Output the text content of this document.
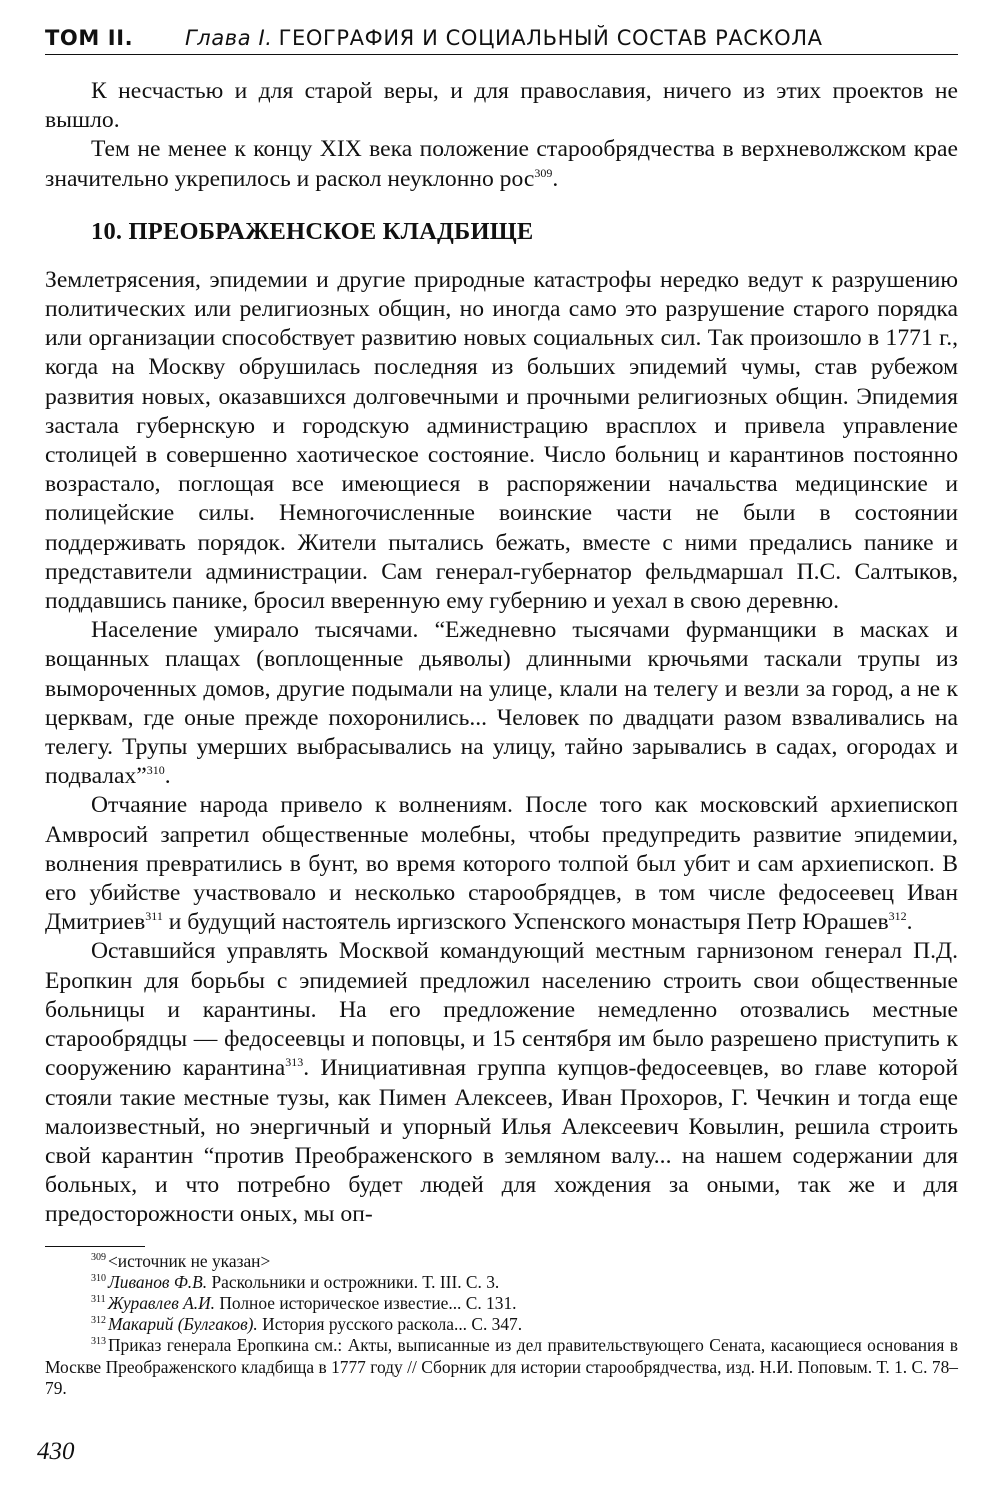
ТОМ II.	Глава I. ГЕОГРАФИЯ И СОЦИАЛЬНЫЙ СОСТАВ РАСКОЛА

К несчастью и для старой веры, и для православия, ничего из этих проектов не вышло.

Тем не менее к концу XIX века положение старообрядчества в верхневолжском крае значительно укрепилось и раскол неуклонно рос$^{309}$.

10. ПРЕОБРАЖЕНСКОЕ КЛАДБИЩЕ

Землетрясения, эпидемии и другие природные катастрофы нередко ведут к разрушению политических или религиозных общин, но иногда само это разрушение старого порядка или организации способствует развитию новых социальных сил. Так произошло в 1771 г., когда на Москву обрушилась последняя из больших эпидемий чумы, став рубежом развития новых, оказавшихся долговечными и прочными религиозных общин. Эпидемия застала губернскую и городскую администрацию врасплох и привела управление столицей в совершенно хаотическое состояние. Число больниц и карантинов постоянно возрастало, поглощая все имеющиеся в распоряжении начальства медицинские и полицейские силы. Немногочисленные воинские части не были в состоянии поддерживать порядок. Жители пытались бежать, вместе с ними предались панике и представители администрации. Сам генерал-губернатор фельдмаршал П.С. Салтыков, поддавшись панике, бросил вверенную ему губернию и уехал в свою деревню.

Население умирало тысячами. “Ежедневно тысячами фурманщики в масках и вощанных плащах (воплощенные дьяволы) длинными крючьями таскали трупы из вымороченных домов, другие подымали на улице, клали на телегу и везли за город, а не к церквам, где оные прежде похоронились... Человек по двадцати разом взваливались на телегу. Трупы умерших выбрасывались на улицу, тайно зарывались в садах, огородах и подвалах”$^{310}$.

Отчаяние народа привело к волнениям. После того как московский архиепископ Амвросий запретил общественные молебны, чтобы предупредить развитие эпидемии, волнения превратились в бунт, во время которого толпой был убит и сам архиепископ. В его убийстве участвовало и несколько старообрядцев, в том числе федосеевец Иван Дмитриев$^{311}$ и будущий настоятель иргизского Успенского монастыря Петр Юрашев$^{312}$.

Оставшийся управлять Москвой командующий местным гарнизоном генерал П.Д. Еропкин для борьбы с эпидемией предложил населению строить свои общественные больницы и карантины. На его предложение немедленно отозвались местные старообрядцы — федосеевцы и поповцы, и 15 сентября им было разрешено приступить к сооружению карантина$^{313}$. Инициативная группа купцов-федосеевцев, во главе которой стояли такие местные тузы, как Пимен Алексеев, Иван Прохоров, Г. Чечкин и тогда еще малоизвестный, но энергичный и упорный Илья Алексеевич Ковылин, решила строить свой карантин “против Преображенского в земляном валу... на нашем содержании для больных, и что потребно будет людей для хождения за оными, так же и для предосторожности оных, мы оп-

$^{309}$ <источник не указан>

$^{310}$ Ливанов Ф.В. Раскольники и острожники. Т. III. С. 3.

$^{311}$ Журавлев А.И. Полное историческое известие... С. 131.

$^{312}$ Макарий (Булгаков). История русского раскола... С. 347.

$^{313}$ Приказ генерала Еропкина см.: Акты, выписанные из дел правительствующего Сената, касающиеся основания в Москве Преображенского кладбища в 1777 году // Сборник для истории старообрядчества, изд. Н.И. Поповым. Т. 1. С. 78–79.

430
